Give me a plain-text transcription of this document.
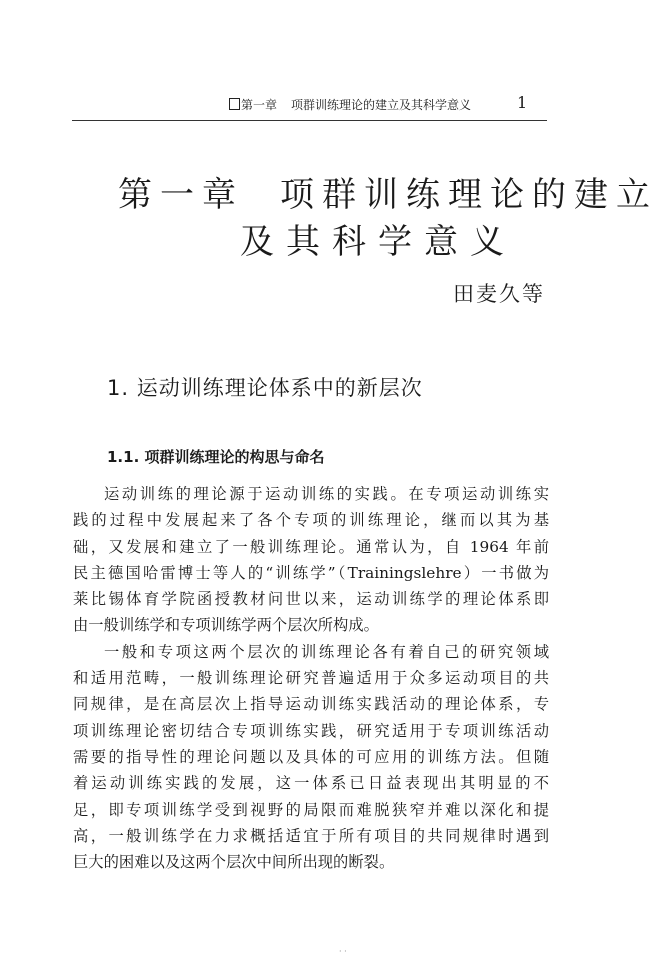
第一章 项群训练理论的建立及其科学意义	1
第一章 项群训练理论的建立
及其科学意义
田麦久等
1. 运动训练理论体系中的新层次
1.1. 项群训练理论的构思与命名
运动训练的理论源于运动训练的实践。在专项运动训练实
践的过程中发展起来了各个专项的训练理论，继而以其为基
础，又发展和建立了一般训练理论。通常认为，自 1964 年前
民主德国哈雷博士等人的“训练学”（Trainingslehre）一书做为
莱比锡体育学院函授教材问世以来，运动训练学的理论体系即
由一般训练学和专项训练学两个层次所构成。
一般和专项这两个层次的训练理论各有着自己的研究领域
和适用范畴，一般训练理论研究普遍适用于众多运动项目的共
同规律，是在高层次上指导运动训练实践活动的理论体系，专
项训练理论密切结合专项训练实践，研究适用于专项训练活动
需要的指导性的理论问题以及具体的可应用的训练方法。但随
着运动训练实践的发展，这一体系已日益表现出其明显的不
足，即专项训练学受到视野的局限而难脱狭窄并难以深化和提
高，一般训练学在力求概括适宜于所有项目的共同规律时遇到
巨大的困难以及这两个层次中间所出现的断裂。
· ·
